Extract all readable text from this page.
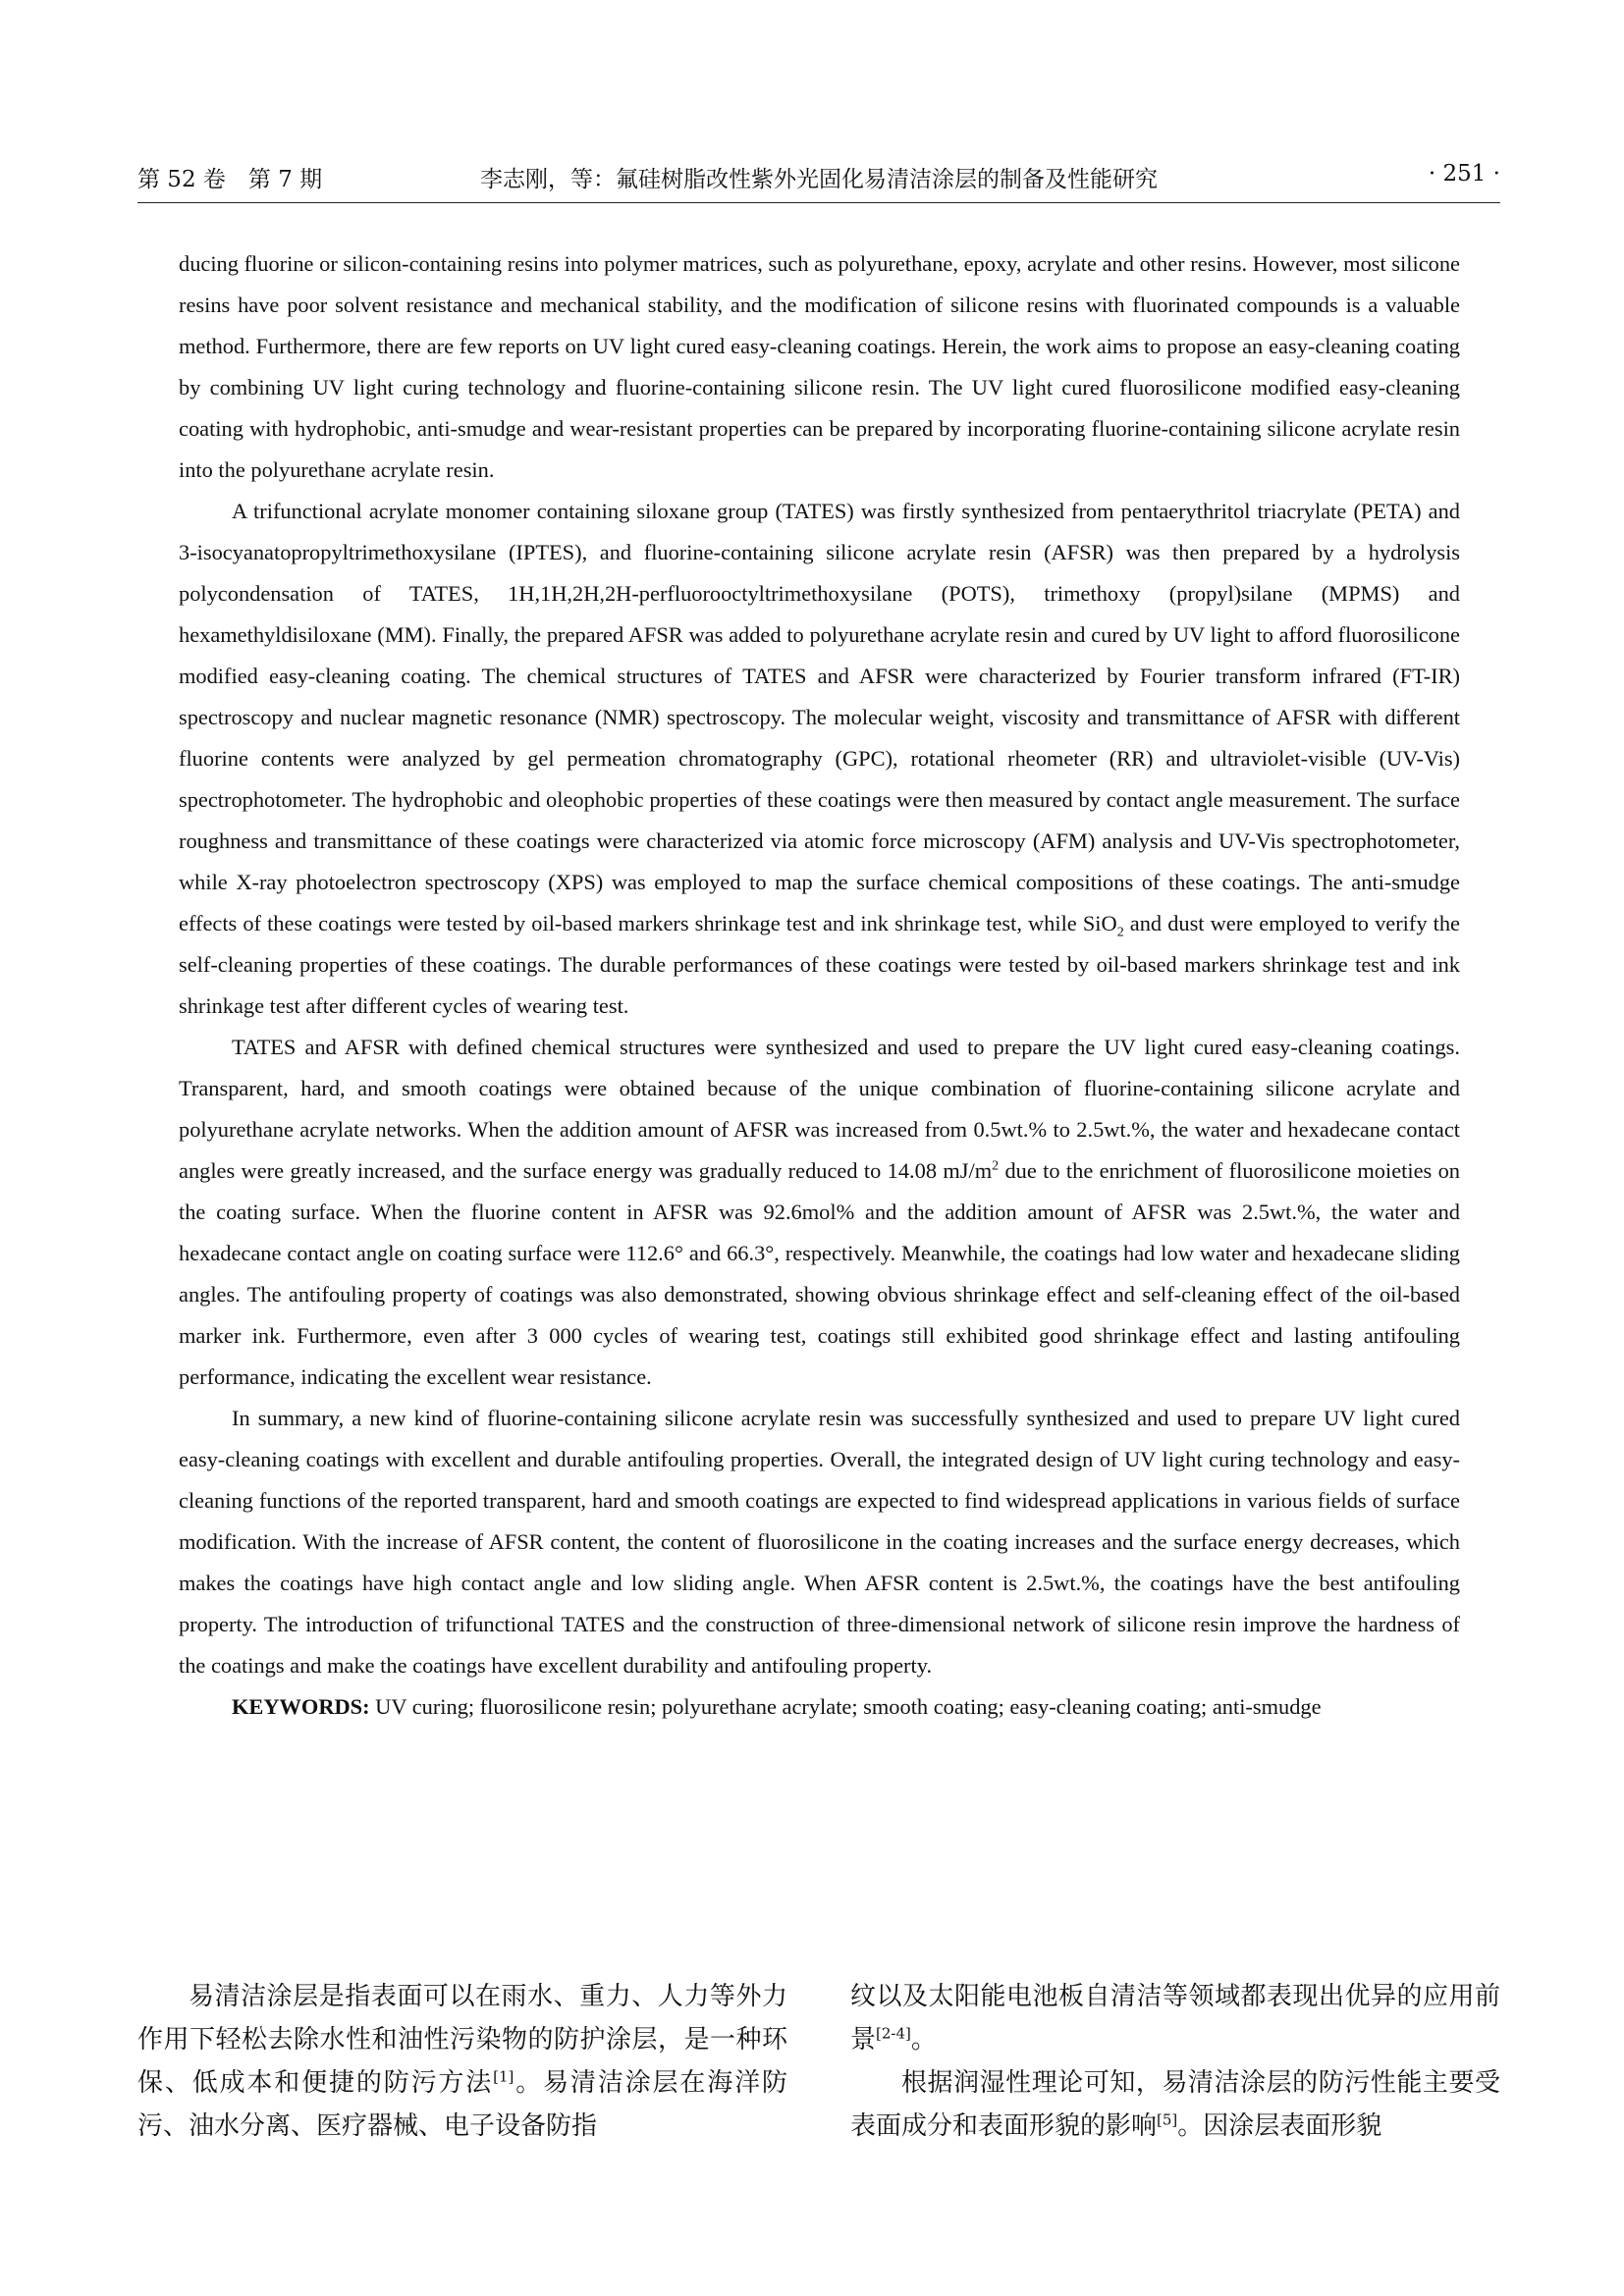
第 52 卷　第 7 期	李志刚，等：氟硅树脂改性紫外光固化易清洁涂层的制备及性能研究	· 251 ·

ducing fluorine or silicon-containing resins into polymer matrices, such as polyurethane, epoxy, acrylate and other resins. However, most silicone resins have poor solvent resistance and mechanical stability, and the modification of silicone resins with fluorinated compounds is a valuable method. Furthermore, there are few reports on UV light cured easy-cleaning coatings. Herein, the work aims to propose an easy-cleaning coating by combining UV light curing technology and fluorine-containing silicone resin. The UV light cured fluorosilicone modified easy-cleaning coating with hydrophobic, anti-smudge and wear-resistant properties can be prepared by incorporating fluorine-containing silicone acrylate resin into the polyurethane acrylate resin.

A trifunctional acrylate monomer containing siloxane group (TATES) was firstly synthesized from pentaerythritol triacrylate (PETA) and 3-isocyanatopropyltrimethoxysilane (IPTES), and fluorine-containing silicone acrylate resin (AFSR) was then prepared by a hydrolysis polycondensation of TATES, 1H,1H,2H,2H-perfluorooctyltrimethoxysilane (POTS), trimethoxy (propyl)silane (MPMS) and hexamethyldisiloxane (MM). Finally, the prepared AFSR was added to polyurethane acrylate resin and cured by UV light to afford fluorosilicone modified easy-cleaning coating. The chemical structures of TATES and AFSR were characterized by Fourier transform infrared (FT-IR) spectroscopy and nuclear magnetic resonance (NMR) spectroscopy. The molecular weight, viscosity and transmittance of AFSR with different fluorine contents were analyzed by gel permeation chromatography (GPC), rotational rheometer (RR) and ultraviolet-visible (UV-Vis) spectrophotometer. The hydrophobic and oleophobic properties of these coatings were then measured by contact angle measurement. The surface roughness and transmittance of these coatings were characterized via atomic force microscopy (AFM) analysis and UV-Vis spectrophotometer, while X-ray photoelectron spectroscopy (XPS) was employed to map the surface chemical compositions of these coatings. The anti-smudge effects of these coatings were tested by oil-based markers shrinkage test and ink shrinkage test, while SiO$_2$ and dust were employed to verify the self-cleaning properties of these coatings. The durable performances of these coatings were tested by oil-based markers shrinkage test and ink shrinkage test after different cycles of wearing test.

TATES and AFSR with defined chemical structures were synthesized and used to prepare the UV light cured easy-cleaning coatings. Transparent, hard, and smooth coatings were obtained because of the unique combination of fluorine-containing silicone acrylate and polyurethane acrylate networks. When the addition amount of AFSR was increased from 0.5wt.% to 2.5wt.%, the water and hexadecane contact angles were greatly increased, and the surface energy was gradually reduced to 14.08 $mJ/m^2$ due to the enrichment of fluorosilicone moieties on the coating surface. When the fluorine content in AFSR was 92.6mol% and the addition amount of AFSR was 2.5wt.%, the water and hexadecane contact angle on coating surface were 112.6° and 66.3°, respectively. Meanwhile, the coatings had low water and hexadecane sliding angles. The antifouling property of coatings was also demonstrated, showing obvious shrinkage effect and self-cleaning effect of the oil-based marker ink. Furthermore, even after 3 000 cycles of wearing test, coatings still exhibited good shrinkage effect and lasting antifouling performance, indicating the excellent wear resistance.

In summary, a new kind of fluorine-containing silicone acrylate resin was successfully synthesized and used to prepare UV light cured easy-cleaning coatings with excellent and durable antifouling properties. Overall, the integrated design of UV light curing technology and easy-cleaning functions of the reported transparent, hard and smooth coatings are expected to find widespread applications in various fields of surface modification. With the increase of AFSR content, the content of fluorosilicone in the coating increases and the surface energy decreases, which makes the coatings have high contact angle and low sliding angle. When AFSR content is 2.5wt.%, the coatings have the best antifouling property. The introduction of trifunctional TATES and the construction of three-dimensional network of silicone resin improve the hardness of the coatings and make the coatings have excellent durability and antifouling property.

KEYWORDS: UV curing; fluorosilicone resin; polyurethane acrylate; smooth coating; easy-cleaning coating; anti-smudge

易清洁涂层是指表面可以在雨水、重力、人力等外力作用下轻松去除水性和油性污染物的防护涂层，是一种环保、低成本和便捷的防污方法[1]。易清洁涂层在海洋防污、油水分离、医疗器械、电子设备防指

纹以及太阳能电池板自清洁等领域都表现出优异的应用前景[2-4]。

根据润湿性理论可知，易清洁涂层的防污性能主要受表面成分和表面形貌的影响[5]。因涂层表面形貌
